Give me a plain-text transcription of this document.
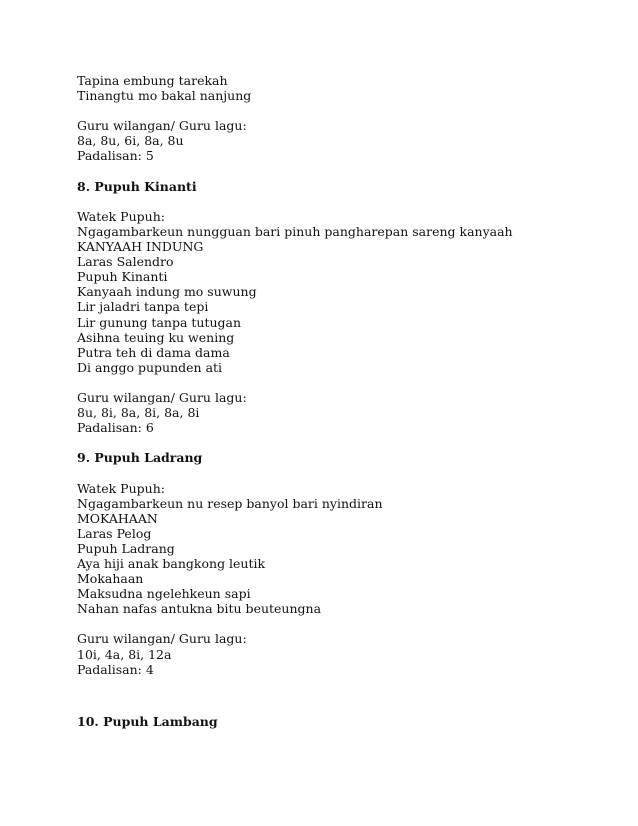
Tapina embung tarekah
Tinangtu mo bakal nanjung
Guru wilangan/ Guru lagu:
8a, 8u, 6i, 8a, 8u
Padalisan: 5
8. Pupuh Kinanti
Watek Pupuh:
Ngagambarkeun nungguan bari pinuh pangharepan sareng kanyaah
KANYAAH INDUNG
Laras Salendro
Pupuh Kinanti
Kanyaah indung mo suwung
Lir jaladri tanpa tepi
Lir gunung tanpa tutugan
Asihna teuing ku wening
Putra teh di dama dama
Di anggo pupunden ati
Guru wilangan/ Guru lagu:
8u, 8i, 8a, 8i, 8a, 8i
Padalisan: 6
9. Pupuh Ladrang
Watek Pupuh:
Ngagambarkeun nu resep banyol bari nyindiran
MOKAHAAN
Laras Pelog
Pupuh Ladrang
Aya hiji anak bangkong leutik
Mokahaan
Maksudna ngelehkeun sapi
Nahan nafas antukna bitu beuteungna
Guru wilangan/ Guru lagu:
10i, 4a, 8i, 12a
Padalisan: 4
10. Pupuh Lambang
